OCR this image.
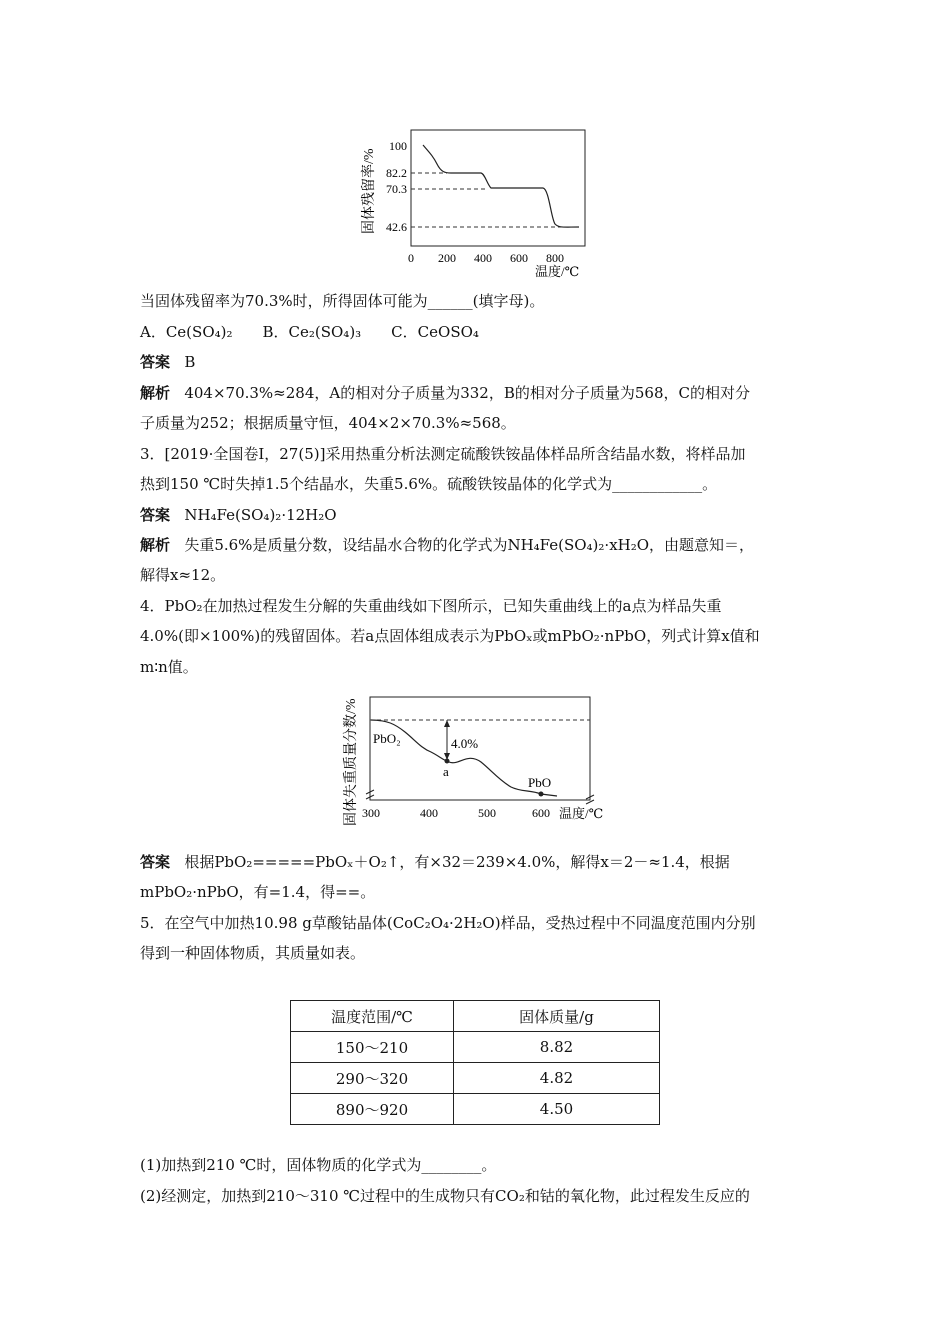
固体残留率/%
100
82.2
70.3
42.6
0 200 400 600 800
温度/℃
当固体残留率为70.3%时，所得固体可能为______(填字母)。
A．Ce(SO₄)₂　　B．Ce₂(SO₄)₃　　C．CeOSO₄
答案 B
解析 404×70.3%≈284，A的相对分子质量为332，B的相对分子质量为568，C的相对分
子质量为252；根据质量守恒，404×2×70.3%≈568。
3．[2019·全国卷Ⅰ，27(5)]采用热重分析法测定硫酸铁铵晶体样品所含结晶水数，将样品加
热到150 ℃时失掉1.5个结晶水，失重5.6%。硫酸铁铵晶体的化学式为____________。
答案 NH₄Fe(SO₄)₂·12H₂O
解析 失重5.6%是质量分数，设结晶水合物的化学式为NH₄Fe(SO₄)₂·xH₂O，由题意知＝，
解得x≈12。
4．PbO₂在加热过程发生分解的失重曲线如下图所示，已知失重曲线上的a点为样品失重
4.0%(即×100%)的残留固体。若a点固体组成表示为PbOₓ或mPbO₂·nPbO，列式计算x值和
m∶n值。
固体失重质量分数/% PbO₂	4.0%
a
PbO
300	400	500	600 温度/℃
答案 根据PbO₂=====PbOₓ＋O₂↑，有×32＝239×4.0%，解得x＝2－≈1.4，根据
mPbO₂·nPbO，有=1.4，得==。
5．在空气中加热10.98 g草酸钴晶体(CoC₂O₄·2H₂O)样品，受热过程中不同温度范围内分别
得到一种固体物质，其质量如表。
温度范围/℃	固体质量/g
150～210	8.82
290～320	4.82
890～920	4.50
(1)加热到210 ℃时，固体物质的化学式为________。
(2)经测定，加热到210～310 ℃过程中的生成物只有CO₂和钴的氧化物，此过程发生反应的
